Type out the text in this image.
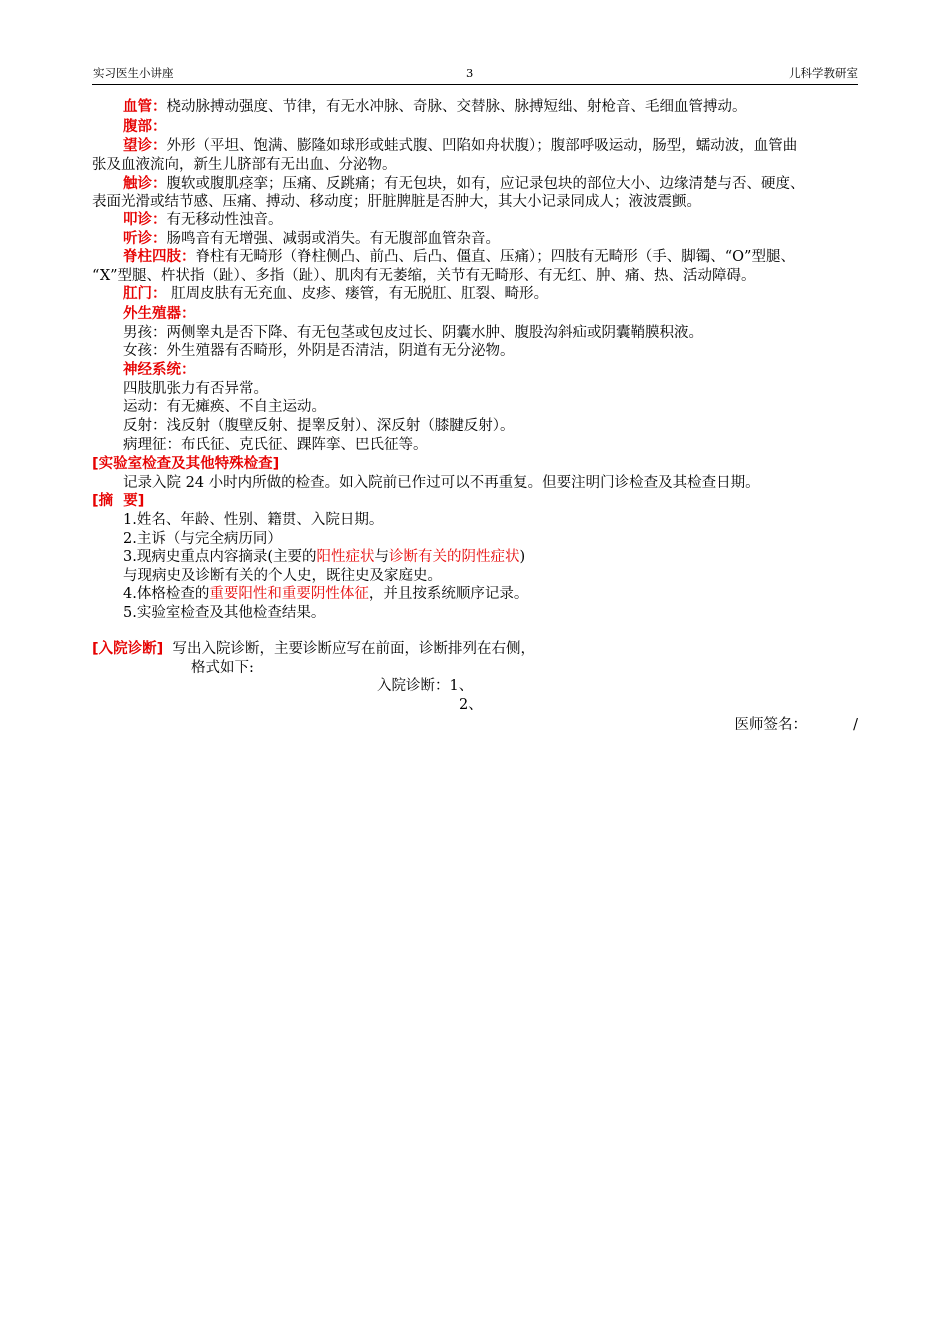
实习医生小讲座	3	儿科学教研室
血管：桡动脉搏动强度、节律，有无水冲脉、奇脉、交替脉、脉搏短绌、射枪音、毛细血管搏动。
腹部：
望诊：外形（平坦、饱满、膨隆如球形或蛙式腹、凹陷如舟状腹）；腹部呼吸运动，肠型，蠕动波，血管曲
张及血液流向，新生儿脐部有无出血、分泌物。
触诊：腹软或腹肌痉挛；压痛、反跳痛；有无包块，如有，应记录包块的部位大小、边缘清楚与否、硬度、
表面光滑或结节感、压痛、搏动、移动度；肝脏脾脏是否肿大，其大小记录同成人；液波震颤。
叩诊：有无移动性浊音。
听诊：肠鸣音有无增强、减弱或消失。有无腹部血管杂音。
脊柱四肢：脊柱有无畸形（脊柱侧凸、前凸、后凸、僵直、压痛）；四肢有无畸形（手、脚镯、“O”型腿、
“X”型腿、杵状指（趾）、多指（趾）、肌肉有无萎缩，关节有无畸形、有无红、肿、痛、热、活动障碍。
肛门： 肛周皮肤有无充血、皮疹、瘘管，有无脱肛、肛裂、畸形。
外生殖器：
男孩：两侧睾丸是否下降、有无包茎或包皮过长、阴囊水肿、腹股沟斜疝或阴囊鞘膜积液。
女孩：外生殖器有否畸形，外阴是否清洁，阴道有无分泌物。
神经系统：
四肢肌张力有否异常。
运动：有无瘫痪、不自主运动。
反射：浅反射（腹壁反射、提睾反射）、深反射（膝腱反射）。
病理征：布氏征、克氏征、踝阵挛、巴氏征等。
[实验室检查及其他特殊检查]
记录入院 24 小时内所做的检查。如入院前已作过可以不再重复。但要注明门诊检查及其检查日期。
[摘  要]
1.姓名、年龄、性别、籍贯、入院日期。
2.主诉（与完全病历同）
3.现病史重点内容摘录(主要的阳性症状与诊断有关的阴性症状)
与现病史及诊断有关的个人史，既往史及家庭史。
4.体格检查的重要阳性和重要阴性体征，并且按系统顺序记录。
5.实验室检查及其他检查结果。
[入院诊断] 写出入院诊断，主要诊断应写在前面，诊断排列在右侧，
格式如下:
入院诊断：1、
2、
医师签名：          /
